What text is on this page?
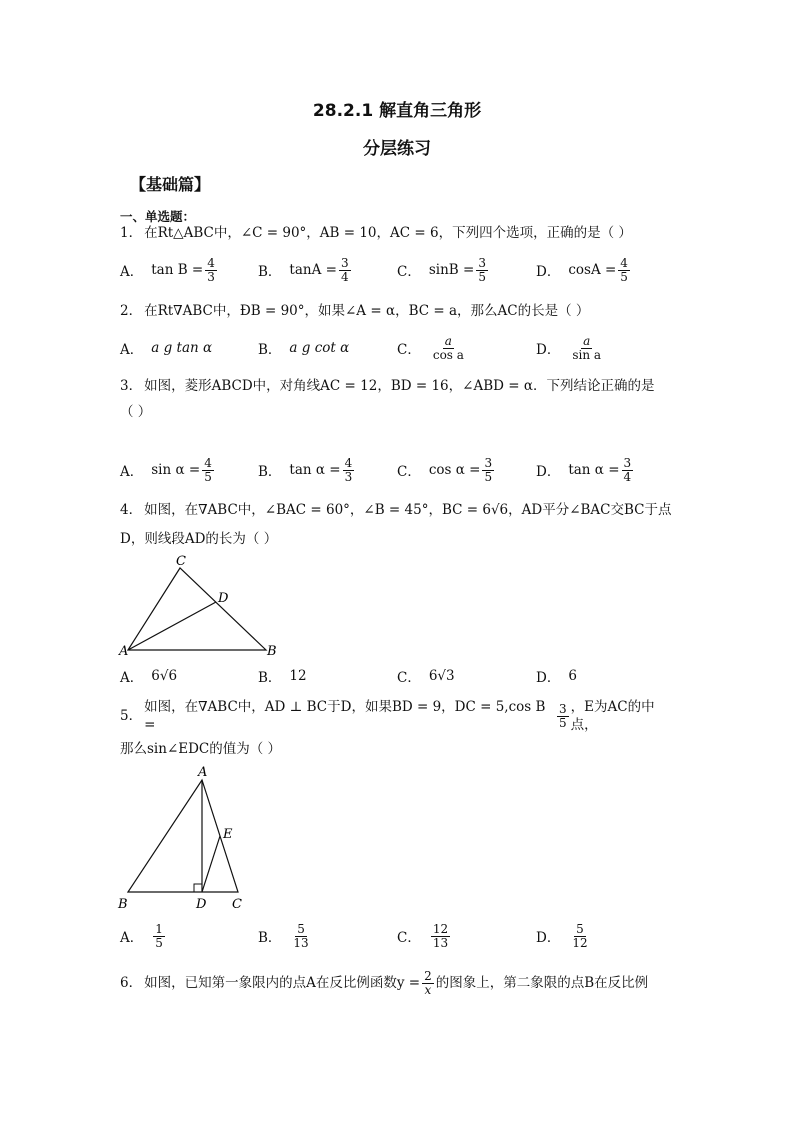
28.2.1 解直角三角形
分层练习
【基础篇】
一、单选题：
1． 在Rt△ABC中，∠C = 90°，AB = 10，AC = 6，下列四个选项，正确的是（ ）
A． $\tan B = \frac{4}{3}$	B． $\tan A = \frac{3}{4}$	C． $\sin B = \frac{3}{5}$	D． $\cos A = \frac{4}{5}$
2． 在Rt∇ABC中，ÐB = 90°，如果∠A = α，BC = a，那么AC的长是（ ）
A． a g tan α	B． a g cot α	C． $\frac{a}{\text{cos a}}$	D． $\frac{a}{\text{sin a}}$
3． 如图，菱形ABCD中，对角线AC = 12，BD = 16，∠ABD = α．下列结论正确的是
（ ）
A． $\sin \alpha = \frac{4}{5}$	B． $\tan \alpha = \frac{4}{3}$	C． $\cos \alpha = \frac{3}{5}$	D． $\tan \alpha = \frac{3}{4}$
4． 如图，在∇ABC中，∠BAC = 60°，∠B = 45°，BC = 6√6，AD平分∠BAC交BC于点
D，则线段AD的长为（ ）
C
D
A	B
A． 6√6	B． 12	C． 6√3	D． 6
5．
如图，在∇ABC中，AD ⊥ BC于D，如果BD = 9，DC = 5,cos B =	$\frac{3}{5}$ ，E为AC的中点，
那么sin∠EDC的值为（ ）
A
E
B	D C
A． $\frac{1}{5}$	B． $\frac{5}{13}$	C． $\frac{12}{13}$	D． $\frac{5}{12}$
6． 如图，已知第一象限内的点A在反比例函数$y = \frac{2}{x}$ 的图象上，第二象限的点B在反比例
